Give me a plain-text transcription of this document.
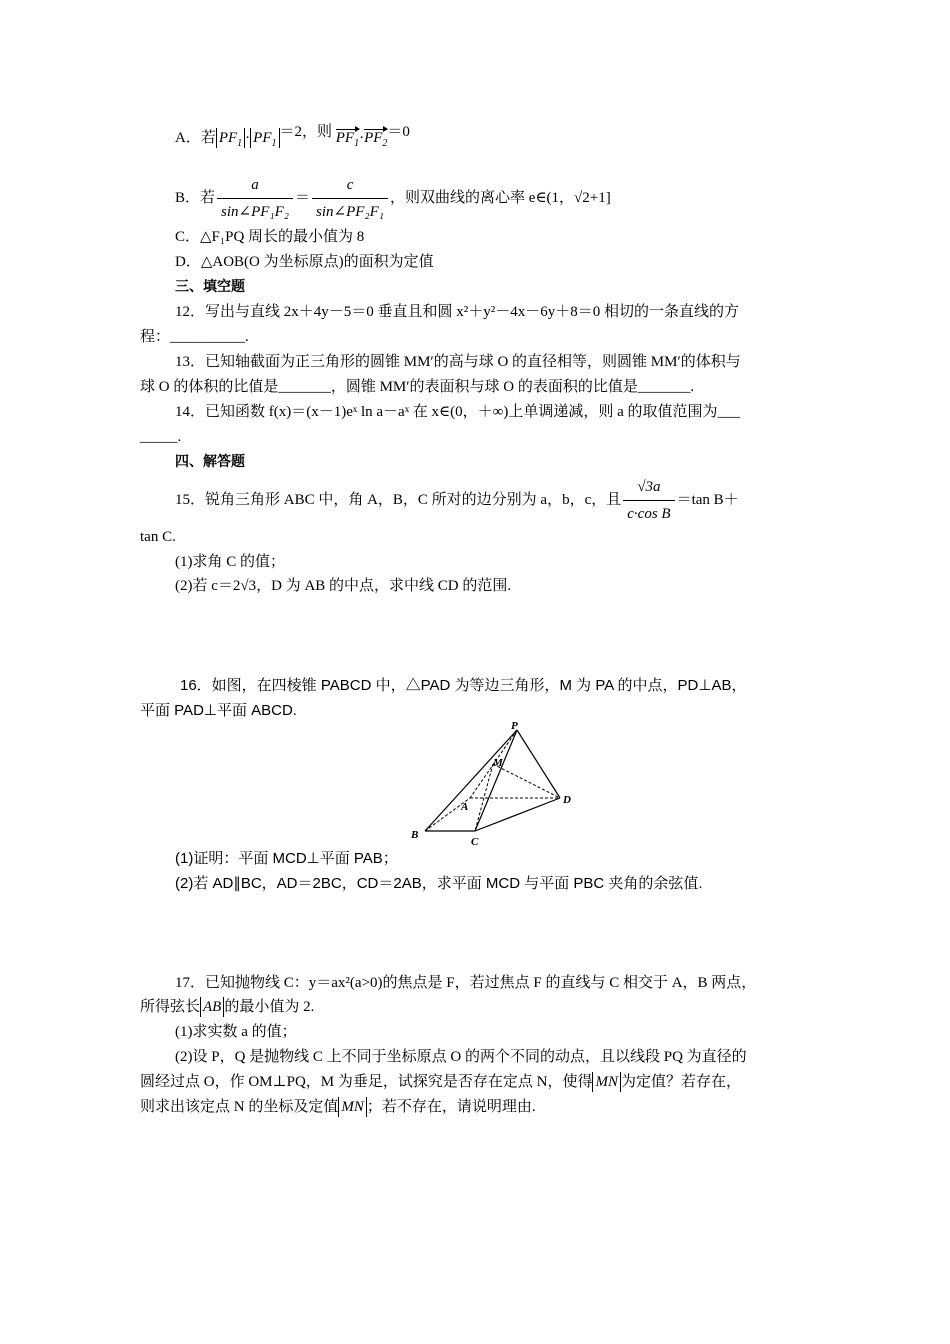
A．若 $PF_1 \cdot PF_1=2$，则 $PF_1\cdot PF_2=0$
B．若 $\frac{a}{\text{sin∠PF₁F₂}} = \frac{c}{\text{sin∠PF₂F₁}}$ ，则双曲线的离心率 e∈(1，√2+1]
C．△F₁PQ 周长的最小值为 8
D．△AOB(O 为坐标原点)的面积为定值
三、填空题
12．写出与直线 2x＋4y－5＝0 垂直且和圆 x²＋y²－4x－6y＋8＝0 相切的一条直线的方
程：__________.
13．已知轴截面为正三角形的圆锥 MM′的高与球 O 的直径相等，则圆锥 MM′的体积与
球 O 的体积的比值是_______，圆锥 MM′的表面积与球 O 的表面积的比值是_______.
14．已知函数 f(x)＝(x－1)eˣ ln a－aˣ 在 x∈(0，＋∞)上单调递减，则 a 的取值范围为___
_____.
四、解答题
15．锐角三角形 ABC 中，角 A，B，C 所对的边分别为 a，b，c，且 $\frac{√3a}{\text{c·cos B}} =\tan$ B＋
tan C.
(1)求角 C 的值；
(2)若 c＝2√3，D 为 AB 的中点，求中线 CD 的范围.
16．如图，在四棱锥 PABCD 中，△PAD 为等边三角形，M 为 PA 的中点，PD⊥AB，
平面 PAD⊥平面 ABCD.
P
M
A
B
C
D
(1)证明：平面 MCD⊥平面 PAB；
(2)若 AD∥BC，AD＝2BC，CD＝2AB，求平面 MCD 与平面 PBC 夹角的余弦值.
17．已知抛物线 C：y＝ax²(a>0)的焦点是 F，若过焦点 F 的直线与 C 相交于 A，B 两点，
所得弦长 AB 的最小值为 2.
(1)求实数 a 的值；
(2)设 P，Q 是抛物线 C 上不同于坐标原点 O 的两个不同的动点，且以线段 PQ 为直径的
圆经过点 O，作 OM⊥PQ，M 为垂足，试探究是否存在定点 N，使得 MN 为定值？若存在，
则求出该定点 N 的坐标及定值 MN ；若不存在，请说明理由.
